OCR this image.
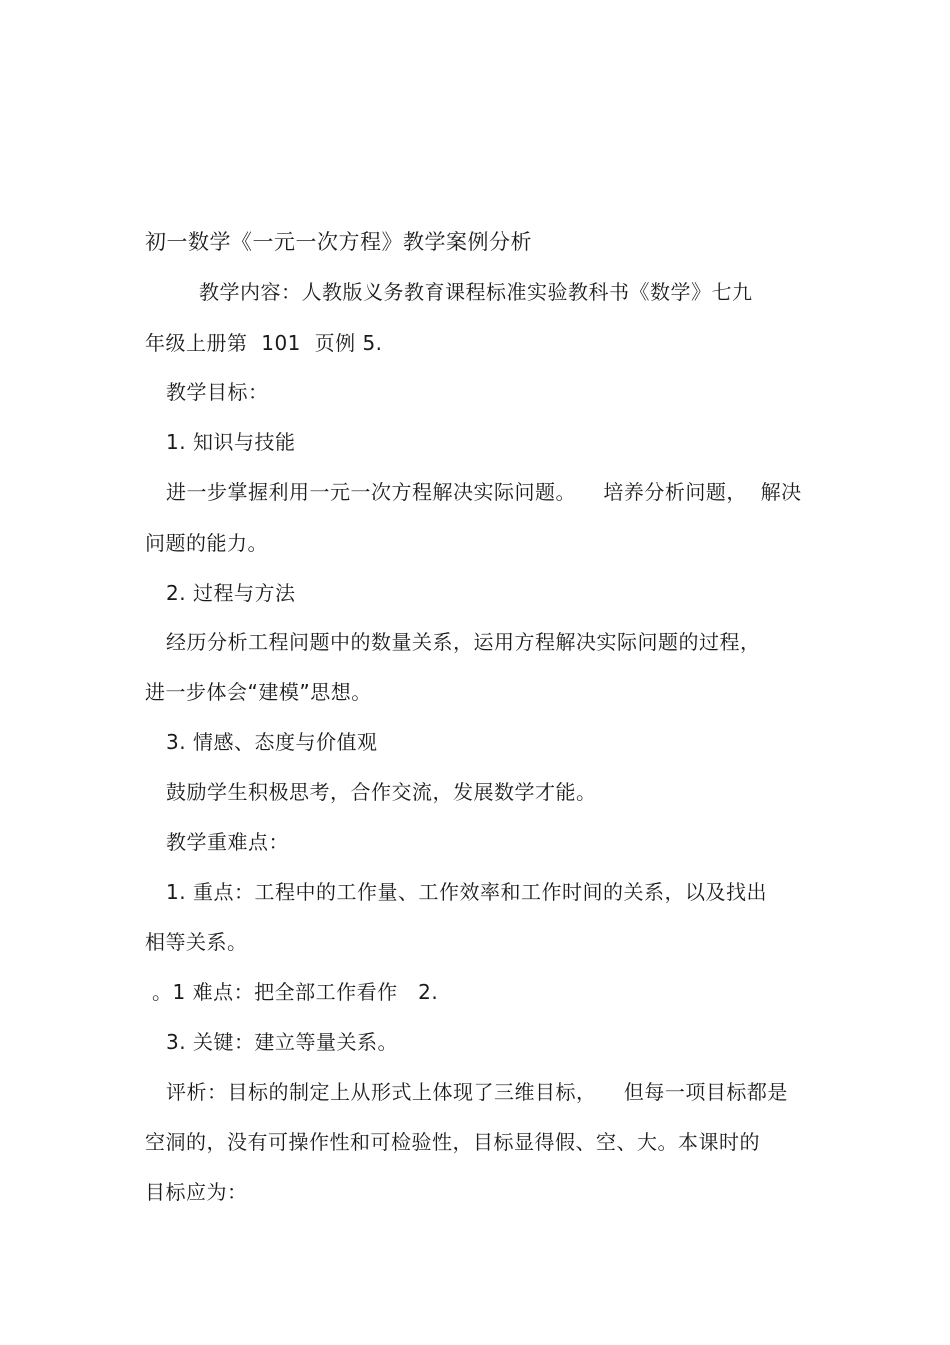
初一数学《一元一次方程》教学案例分析
教学内容：人教版义务教育课程标准实验教科书《数学》七九
年级上册第  101  页例 5.
教学目标：
1. 知识与技能
进一步掌握利用一元一次方程解决实际问题。    培养分析问题，  解决
问题的能力。
2. 过程与方法
经历分析工程问题中的数量关系，运用方程解决实际问题的过程，
进一步体会“建模”思想。
3. 情感、态度与价值观
鼓励学生积极思考，合作交流，发展数学才能。
教学重难点：
1. 重点：工程中的工作量、工作效率和工作时间的关系，以及找出
相等关系。
。1 难点：把全部工作看作   2.
3. 关键：建立等量关系。
评析：目标的制定上从形式上体现了三维目标，    但每一项目标都是
空洞的，没有可操作性和可检验性，目标显得假、空、大。本课时的
目标应为：
